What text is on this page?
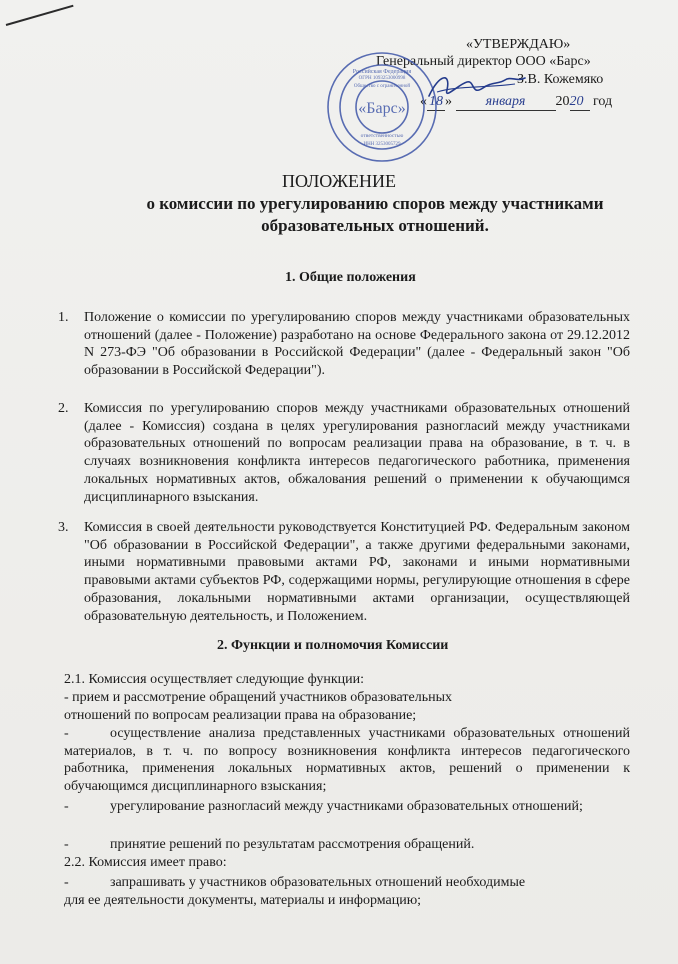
«УТВЕРЖДАЮ»
Генеральный директор ООО «Барс»
З.В. Кожемяко
« 18 » января 2020 год
«Барс»
Российская Федерация
ОГРН 1093253000998
Общество с ограниченной
ответственностью
ИНН 3253005729
ПОЛОЖЕНИЕ
о комиссии по урегулированию споров между участниками образовательных отношений.
1. Общие положения
1. Положение о комиссии по урегулированию споров между участниками образовательных отношений (далее - Положение) разработано на основе Федерального закона от 29.12.2012 N 273-ФЭ "Об образовании в Российской Федерации" (далее - Федеральный закон "Об образовании в Российской Федерации").
2. Комиссия по урегулированию споров между участниками образовательных отношений (далее - Комиссия) создана в целях урегулирования разногласий между участниками образовательных отношений по вопросам реализации права на образование, в т. ч. в случаях возникновения конфликта интересов педагогического работника, применения локальных нормативных актов, обжалования решений о применении к обучающимся дисциплинарного взыскания.
3. Комиссия в своей деятельности руководствуется Конституцией РФ. Федеральным законом "Об образовании в Российской Федерации", а также другими федеральными законами, иными нормативными правовыми актами РФ, законами и иными нормативными правовыми актами субъектов РФ, содержащими нормы, регулирующие отношения в сфере образования, локальными нормативными актами организации, осуществляющей образовательную деятельность, и Положением.
2. Функции и полномочия Комиссии
2.1. Комиссия осуществляет следующие функции:
- прием и рассмотрение обращений участников образовательных
отношений по вопросам реализации права на образование;
-	осуществление анализа представленных участниками образовательных отношений материалов, в т. ч. по вопросу возникновения конфликта интересов педагогического работника, применения локальных нормативных актов, решений о применении к обучающимся дисциплинарного взыскания;
-	урегулирование разногласий между участниками образовательных отношений;
-	принятие решений по результатам рассмотрения обращений.
2.2. Комиссия имеет право:
-	запрашивать у участников образовательных отношений необходимые
для ее деятельности документы, материалы и информацию;
